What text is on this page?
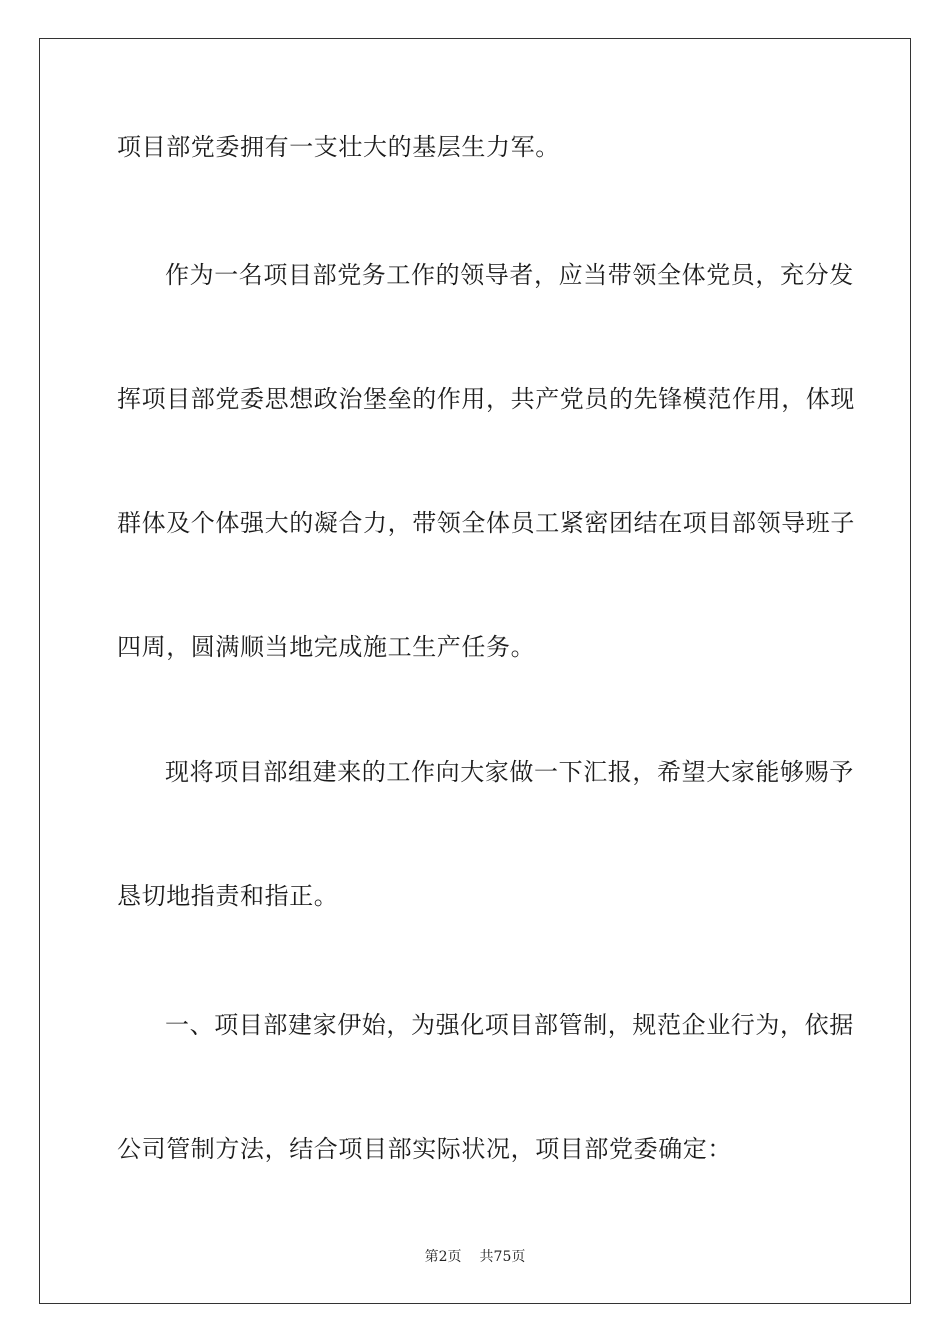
项目部党委拥有一支壮大的基层生力军。
作为一名项目部党务工作的领导者，应当带领全体党员，充分发
挥项目部党委思想政治堡垒的作用，共产党员的先锋模范作用，体现
群体及个体强大的凝合力，带领全体员工紧密团结在项目部领导班子
四周，圆满顺当地完成施工生产任务。
现将项目部组建来的工作向大家做一下汇报，希望大家能够赐予
恳切地指责和指正。
一、项目部建家伊始，为强化项目部管制，规范企业行为，依据
公司管制方法，结合项目部实际状况，项目部党委确定：
第2页 共75页
